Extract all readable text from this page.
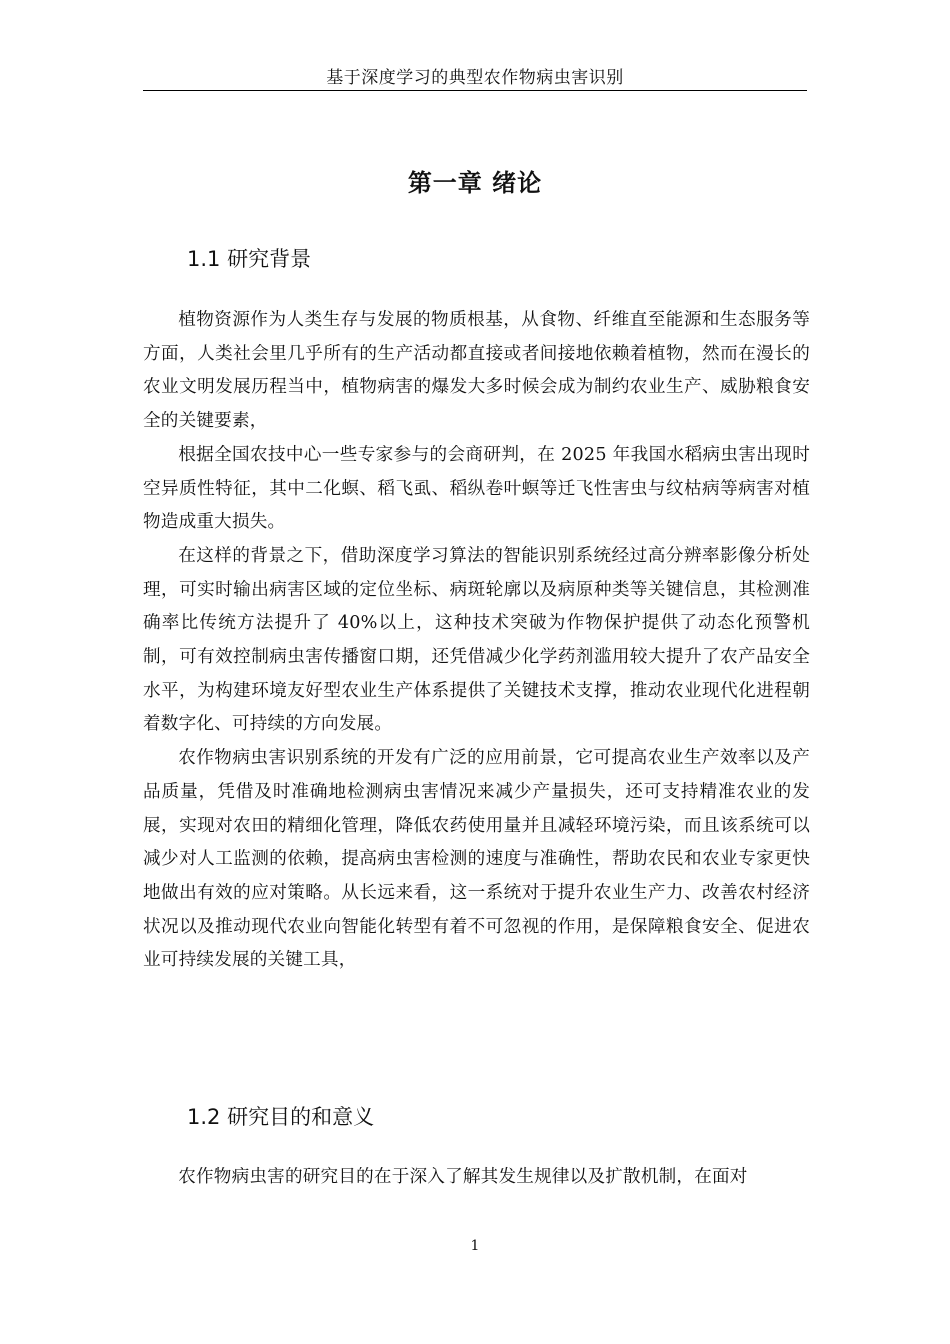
基于深度学习的典型农作物病虫害识别
第一章 绪论
1.1 研究背景

植物资源作为人类生存与发展的物质根基，从食物、纤维直至能源和生态服务等方面，人类社会里几乎所有的生产活动都直接或者间接地依赖着植物，然而在漫长的农业文明发展历程当中，植物病害的爆发大多时候会成为制约农业生产、威胁粮食安全的关键要素，

根据全国农技中心一些专家参与的会商研判，在 2025 年我国水稻病虫害出现时空异质性特征，其中二化螟、稻飞虱、稻纵卷叶螟等迁飞性害虫与纹枯病等病害对植物造成重大损失。

在这样的背景之下，借助深度学习算法的智能识别系统经过高分辨率影像分析处理，可实时输出病害区域的定位坐标、病斑轮廓以及病原种类等关键信息，其检测准确率比传统方法提升了 40%以上，这种技术突破为作物保护提供了动态化预警机制，可有效控制病虫害传播窗口期，还凭借减少化学药剂滥用较大提升了农产品安全水平，为构建环境友好型农业生产体系提供了关键技术支撑，推动农业现代化进程朝着数字化、可持续的方向发展。

农作物病虫害识别系统的开发有广泛的应用前景，它可提高农业生产效率以及产品质量，凭借及时准确地检测病虫害情况来减少产量损失，还可支持精准农业的发展，实现对农田的精细化管理，降低农药使用量并且减轻环境污染，而且该系统可以减少对人工监测的依赖，提高病虫害检测的速度与准确性，帮助农民和农业专家更快地做出有效的应对策略。从长远来看，这一系统对于提升农业生产力、改善农村经济状况以及推动现代农业向智能化转型有着不可忽视的作用，是保障粮食安全、促进农业可持续发展的关键工具，

1.2 研究目的和意义

农作物病虫害的研究目的在于深入了解其发生规律以及扩散机制，在面对

1
